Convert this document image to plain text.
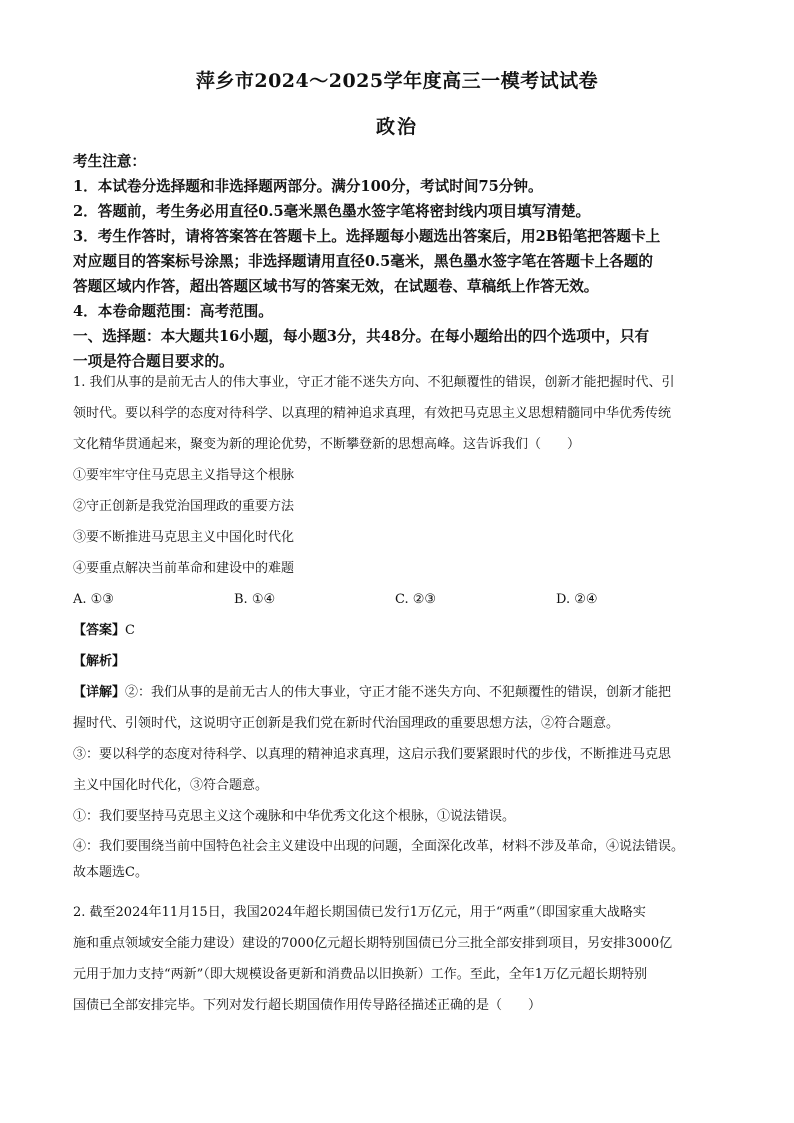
萍乡市2024～2025学年度高三一模考试试卷
政治
考生注意：
1．本试卷分选择题和非选择题两部分。满分100分，考试时间75分钟。
2．答题前，考生务必用直径0.5毫米黑色墨水签字笔将密封线内项目填写清楚。
3．考生作答时，请将答案答在答题卡上。选择题每小题选出答案后，用2B铅笔把答题卡上
对应题目的答案标号涂黑；非选择题请用直径0.5毫米，黑色墨水签字笔在答题卡上各题的
答题区域内作答，超出答题区域书写的答案无效，在试题卷、草稿纸上作答无效。
4．本卷命题范围：高考范围。
一、选择题：本大题共16小题，每小题3分，共48分。在每小题给出的四个选项中，只有
一项是符合题目要求的。
1. 我们从事的是前无古人的伟大事业，守正才能不迷失方向、不犯颠覆性的错误，创新才能把握时代、引
领时代。要以科学的态度对待科学、以真理的精神追求真理，有效把马克思主义思想精髓同中华优秀传统
文化精华贯通起来，聚变为新的理论优势，不断攀登新的思想高峰。这告诉我们（　　）
①要牢牢守住马克思主义指导这个根脉
②守正创新是我党治国理政的重要方法
③要不断推进马克思主义中国化时代化
④要重点解决当前革命和建设中的难题
A. ①③	B. ①④	C. ②③	D. ②④
【答案】C
【解析】
【详解】②：我们从事的是前无古人的伟大事业，守正才能不迷失方向、不犯颠覆性的错误，创新才能把
握时代、引领时代，这说明守正创新是我们党在新时代治国理政的重要思想方法，②符合题意。
③：要以科学的态度对待科学、以真理的精神追求真理，这启示我们要紧跟时代的步伐，不断推进马克思
主义中国化时代化，③符合题意。
①：我们要坚持马克思主义这个魂脉和中华优秀文化这个根脉，①说法错误。
④：我们要围绕当前中国特色社会主义建设中出现的问题，全面深化改革，材料不涉及革命，④说法错误。
故本题选C。
2. 截至2024年11月15日，我国2024年超长期国债已发行1万亿元，用于“两重”（即国家重大战略实
施和重点领域安全能力建设）建设的7000亿元超长期特别国债已分三批全部安排到项目，另安排3000亿
元用于加力支持“两新”（即大规模设备更新和消费品以旧换新）工作。至此，全年1万亿元超长期特别
国债已全部安排完毕。下列对发行超长期国债作用传导路径描述正确的是（　　）
